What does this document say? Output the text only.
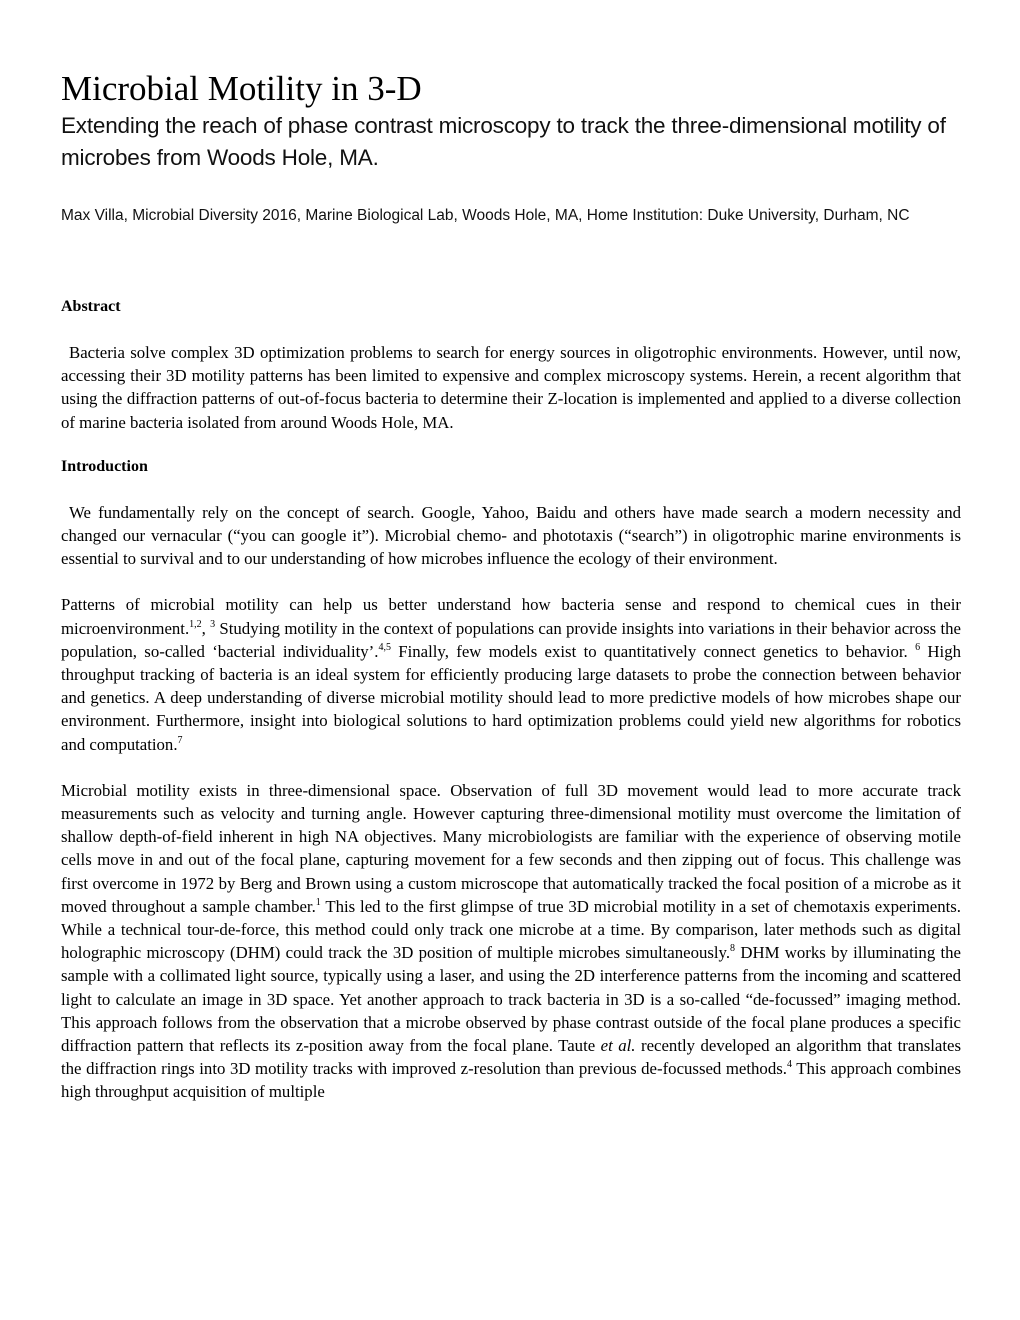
Microbial Motility in 3-D

Extending the reach of phase contrast microscopy to track the three-dimensional motility of microbes from Woods Hole, MA.

Max Villa, Microbial Diversity 2016, Marine Biological Lab, Woods Hole, MA, Home Institution: Duke University, Durham, NC

Abstract

Bacteria solve complex 3D optimization problems to search for energy sources in oligotrophic environments. However, until now, accessing their 3D motility patterns has been limited to expensive and complex microscopy systems. Herein, a recent algorithm that using the diffraction patterns of out-of-focus bacteria to determine their Z-location is implemented and applied to a diverse collection of marine bacteria isolated from around Woods Hole, MA.

Introduction

We fundamentally rely on the concept of search. Google, Yahoo, Baidu and others have made search a modern necessity and changed our vernacular (“you can google it”). Microbial chemo- and phototaxis (“search”) in oligotrophic marine environments is essential to survival and to our understanding of how microbes influence the ecology of their environment.

Patterns of microbial motility can help us better understand how bacteria sense and respond to chemical cues in their microenvironment.$^{1,2}$, $^3$ Studying motility in the context of populations can provide insights into variations in their behavior across the population, so-called ‘bacterial individuality’.$^{4,5}$ Finally, few models exist to quantitatively connect genetics to behavior. $^6$ High throughput tracking of bacteria is an ideal system for efficiently producing large datasets to probe the connection between behavior and genetics. A deep understanding of diverse microbial motility should lead to more predictive models of how microbes shape our environment. Furthermore, insight into biological solutions to hard optimization problems could yield new algorithms for robotics and computation.$^7$

Microbial motility exists in three-dimensional space. Observation of full 3D movement would lead to more accurate track measurements such as velocity and turning angle. However capturing three-dimensional motility must overcome the limitation of shallow depth-of-field inherent in high NA objectives. Many microbiologists are familiar with the experience of observing motile cells move in and out of the focal plane, capturing movement for a few seconds and then zipping out of focus. This challenge was first overcome in 1972 by Berg and Brown using a custom microscope that automatically tracked the focal position of a microbe as it moved throughout a sample chamber.$^1$ This led to the first glimpse of true 3D microbial motility in a set of chemotaxis experiments. While a technical tour-de-force, this method could only track one microbe at a time. By comparison, later methods such as digital holographic microscopy (DHM) could track the 3D position of multiple microbes simultaneously.$^8$ DHM works by illuminating the sample with a collimated light source, typically using a laser, and using the 2D interference patterns from the incoming and scattered light to calculate an image in 3D space. Yet another approach to track bacteria in 3D is a so-called “de-focussed” imaging method. This approach follows from the observation that a microbe observed by phase contrast outside of the focal plane produces a specific diffraction pattern that reflects its z-position away from the focal plane. Taute et al. recently developed an algorithm that translates the diffraction rings into 3D motility tracks with improved z-resolution than previous de-focussed methods.$^4$ This approach combines high throughput acquisition of multiple
